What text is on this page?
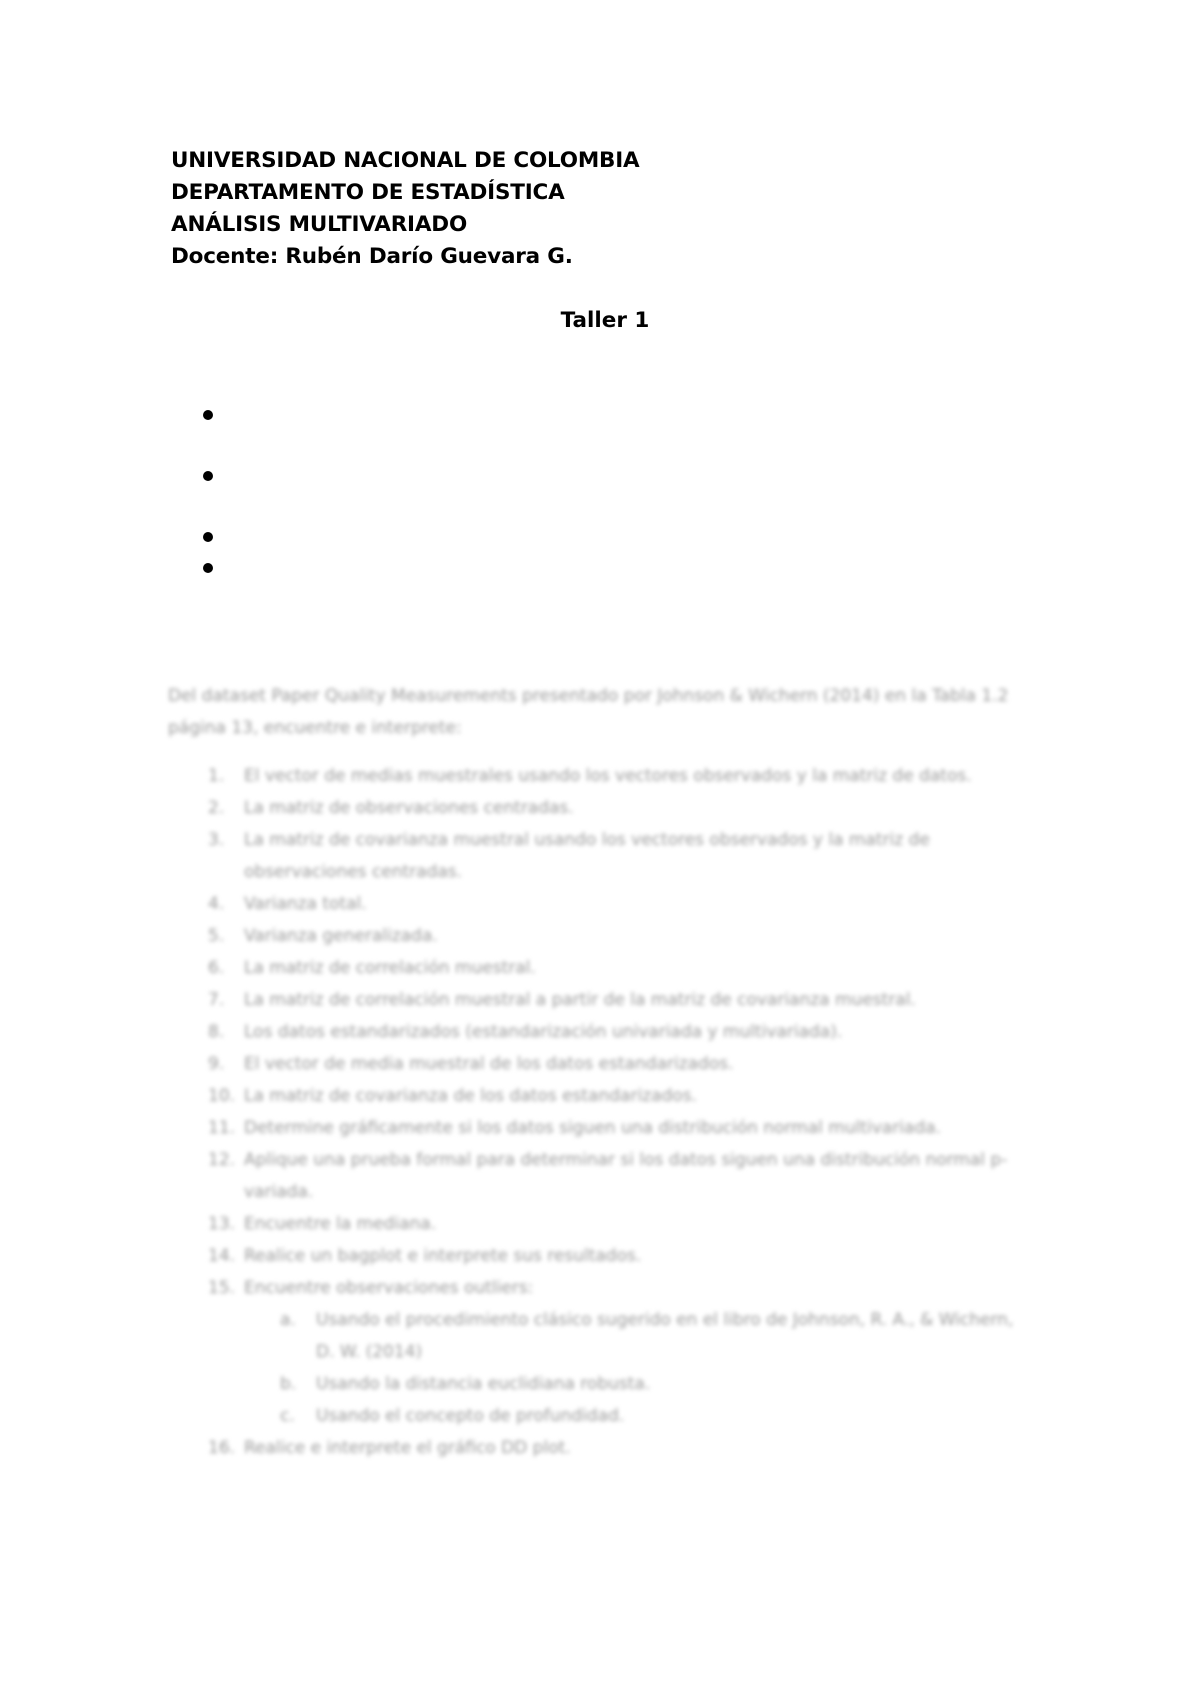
UNIVERSIDAD NACIONAL DE COLOMBIA
DEPARTAMENTO DE ESTADÍSTICA
ANÁLISIS MULTIVARIADO
Docente: Rubén Darío Guevara G.
Taller 1
Del dataset Paper Quality Measurements presentado por Johnson & Wichern (2014) en la Tabla 1.2 página 13, encuentre e interprete:
1. El vector de medias muestrales usando los vectores observados y la matriz de datos.
2. La matriz de observaciones centradas.
3. La matriz de covarianza muestral usando los vectores observados y la matriz de observaciones centradas.
4. Varianza total.
5. Varianza generalizada.
6. La matriz de correlación muestral.
7. La matriz de correlación muestral a partir de la matriz de covarianza muestral.
8. Los datos estandarizados (estandarización univariada y multivariada).
9. El vector de media muestral de los datos estandarizados.
10. La matriz de covarianza de los datos estandarizados.
11. Determine gráficamente si los datos siguen una distribución normal multivariada.
12. Aplique una prueba formal para determinar si los datos siguen una distribución normal p-variada.
13. Encuentre la mediana.
14. Realice un bagplot e interprete sus resultados.
15. Encuentre observaciones outliers:
a. Usando el procedimiento clásico sugerido en el libro de Johnson, R. A., & Wichern, D. W. (2014)
b. Usando la distancia euclidiana robusta.
c. Usando el concepto de profundidad.
16. Realice e interprete el gráfico DD plot.
